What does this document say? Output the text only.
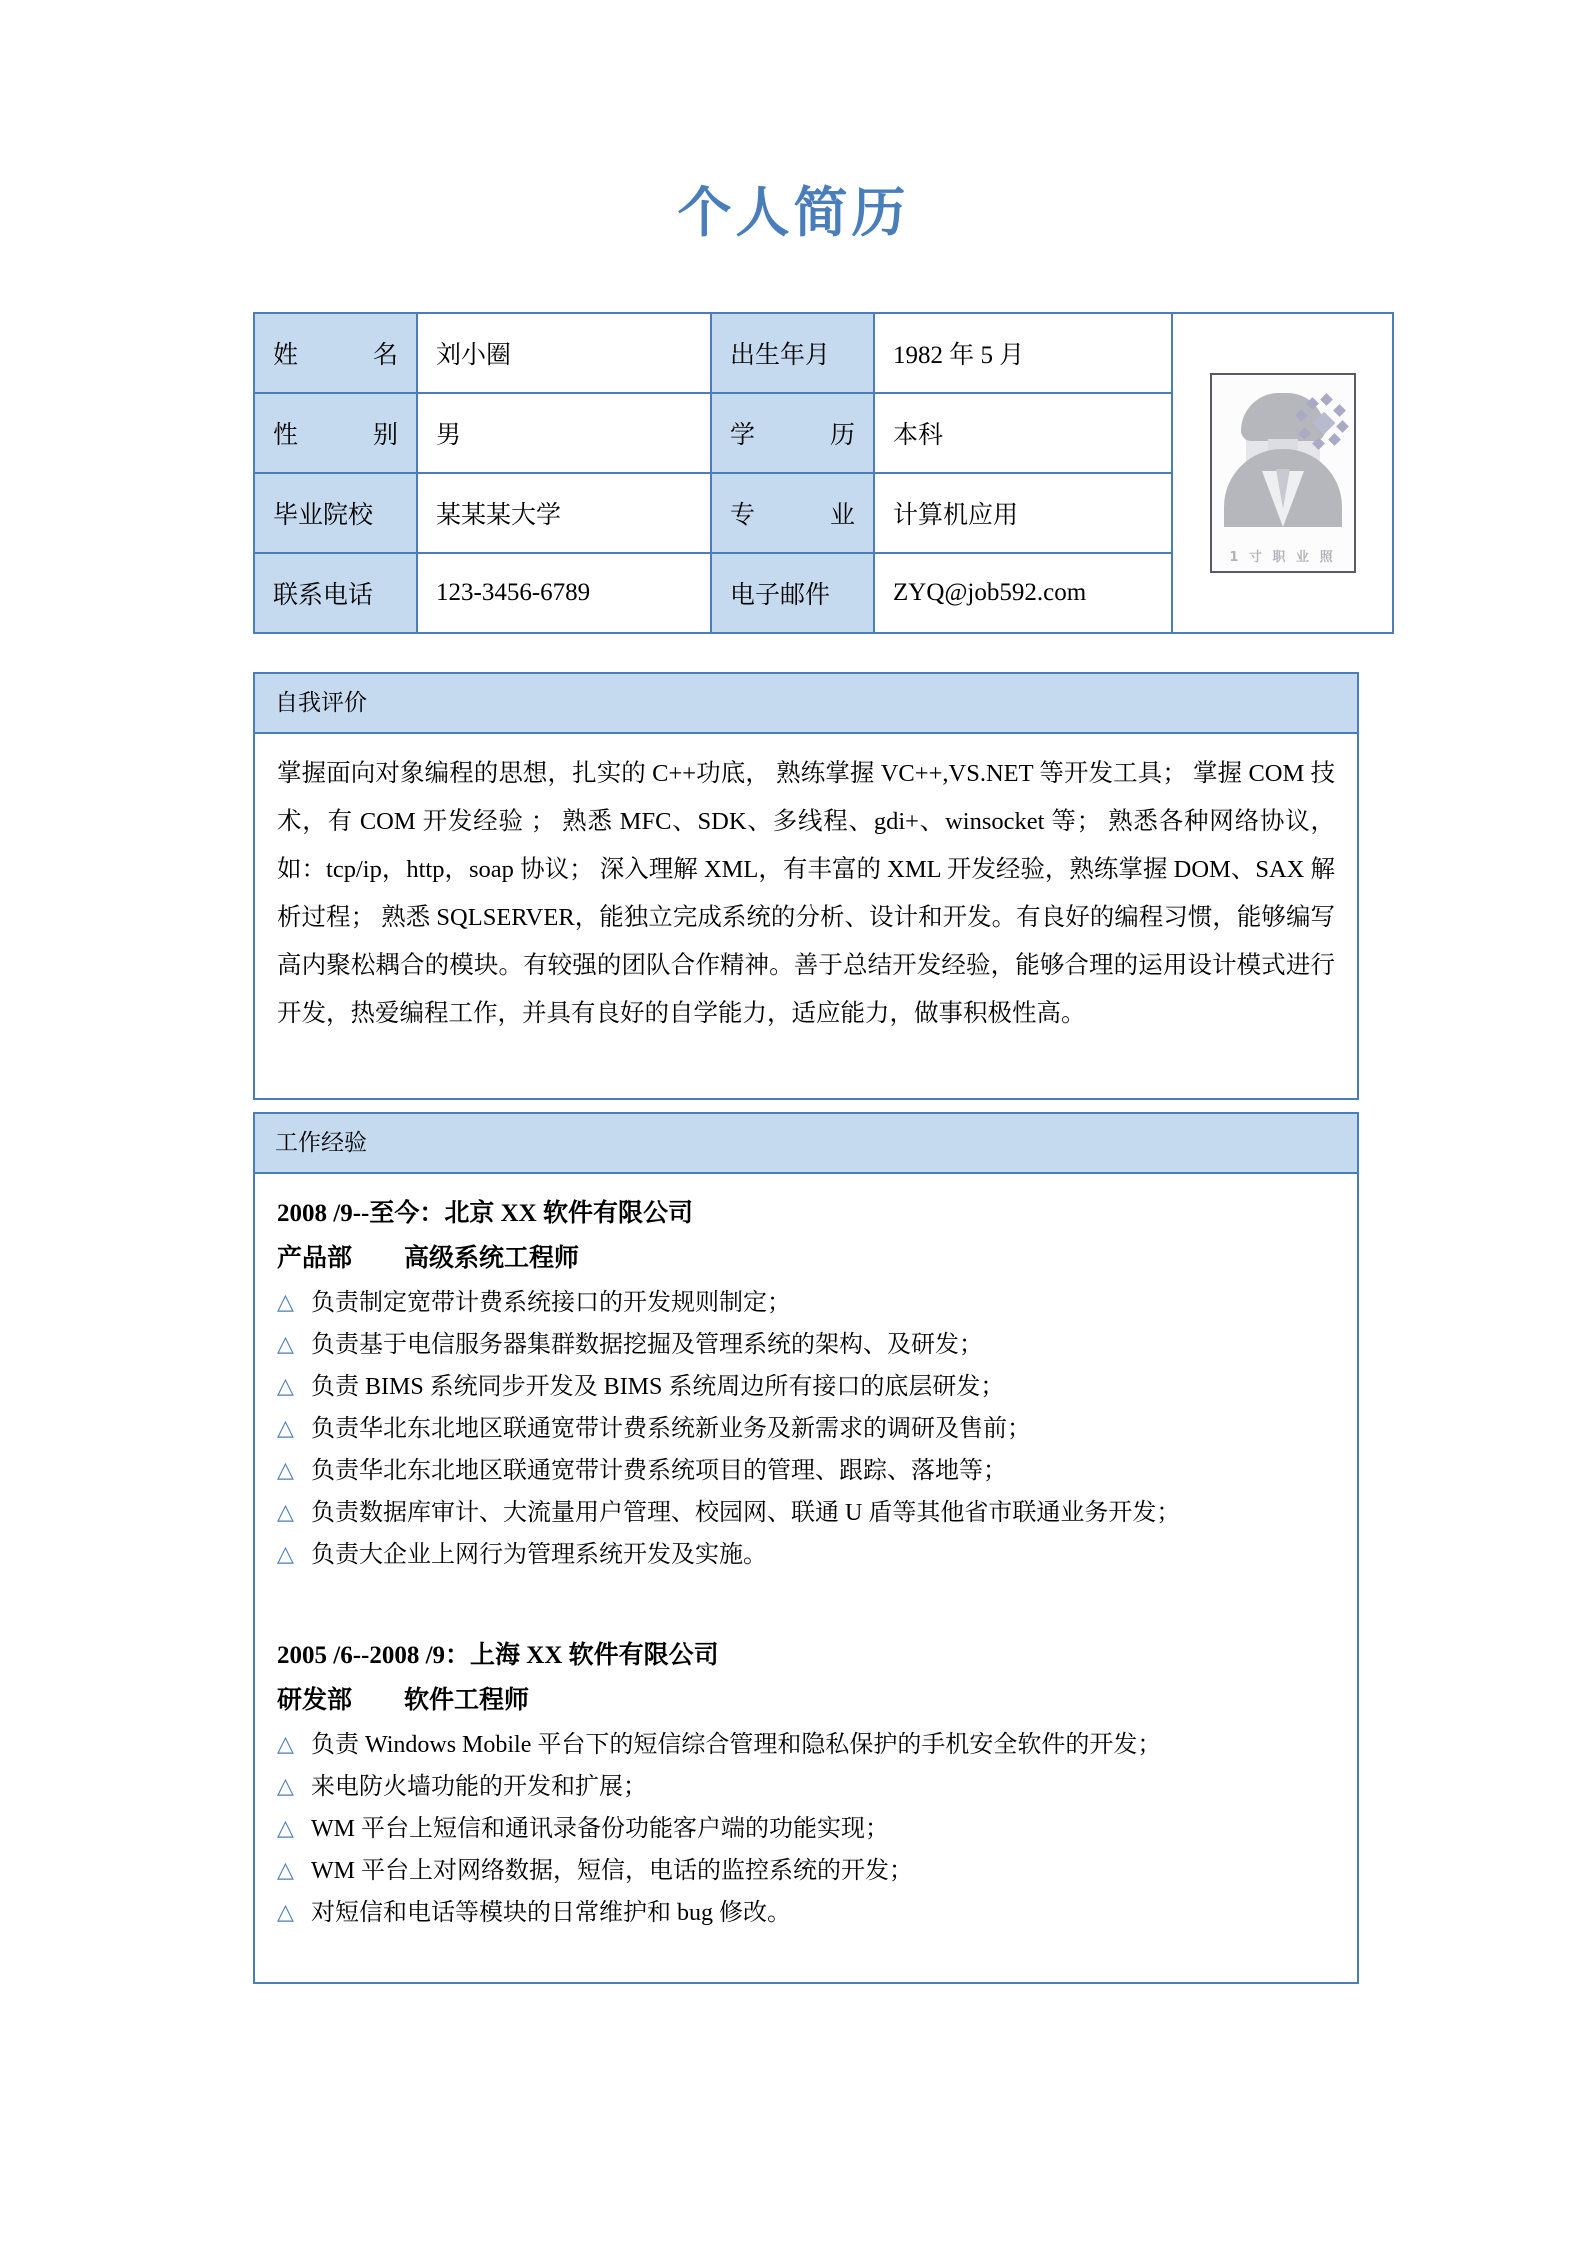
个人简历
姓 名	刘小圈	出生年月	1982 年 5 月	1 寸 职 业 照

性 别	男	学 历	本科	

毕业院校	某某某大学	专 业	计算机应用	

联系电话	123-3456-6789	电子邮件	ZYQ@job592.com	
自我评价
掌握面向对象编程的思想，扎实的 C++功底， 熟练掌握 VC++,VS.NET 等开发工具； 掌握 COM 技术，有 COM 开发经验 ； 熟悉 MFC、SDK、多线程、gdi+、winsocket 等； 熟悉各种网络协议，如：tcp/ip，http，soap 协议； 深入理解 XML，有丰富的 XML 开发经验，熟练掌握 DOM、SAX 解析过程； 熟悉 SQLSERVER，能独立完成系统的分析、设计和开发。有良好的编程习惯，能够编写高内聚松耦合的模块。有较强的团队合作精神。善于总结开发经验，能够合理的运用设计模式进行开发，热爱编程工作，并具有良好的自学能力，适应能力，做事积极性高。
工作经验
2008 /9--至今：北京 XX 软件有限公司
产品部 高级系统工程师
△ 负责制定宽带计费系统接口的开发规则制定；
△ 负责基于电信服务器集群数据挖掘及管理系统的架构、及研发；
△ 负责 BIMS 系统同步开发及 BIMS 系统周边所有接口的底层研发；
△ 负责华北东北地区联通宽带计费系统新业务及新需求的调研及售前；
△ 负责华北东北地区联通宽带计费系统项目的管理、跟踪、落地等；
△ 负责数据库审计、大流量用户管理、校园网、联通 U 盾等其他省市联通业务开发；
△ 负责大企业上网行为管理系统开发及实施。
2005 /6--2008 /9：上海 XX 软件有限公司
研发部 软件工程师
△ 负责 Windows Mobile 平台下的短信综合管理和隐私保护的手机安全软件的开发；
△ 来电防火墙功能的开发和扩展；
△ WM 平台上短信和通讯录备份功能客户端的功能实现；
△ WM 平台上对网络数据，短信，电话的监控系统的开发；
△ 对短信和电话等模块的日常维护和 bug 修改。
